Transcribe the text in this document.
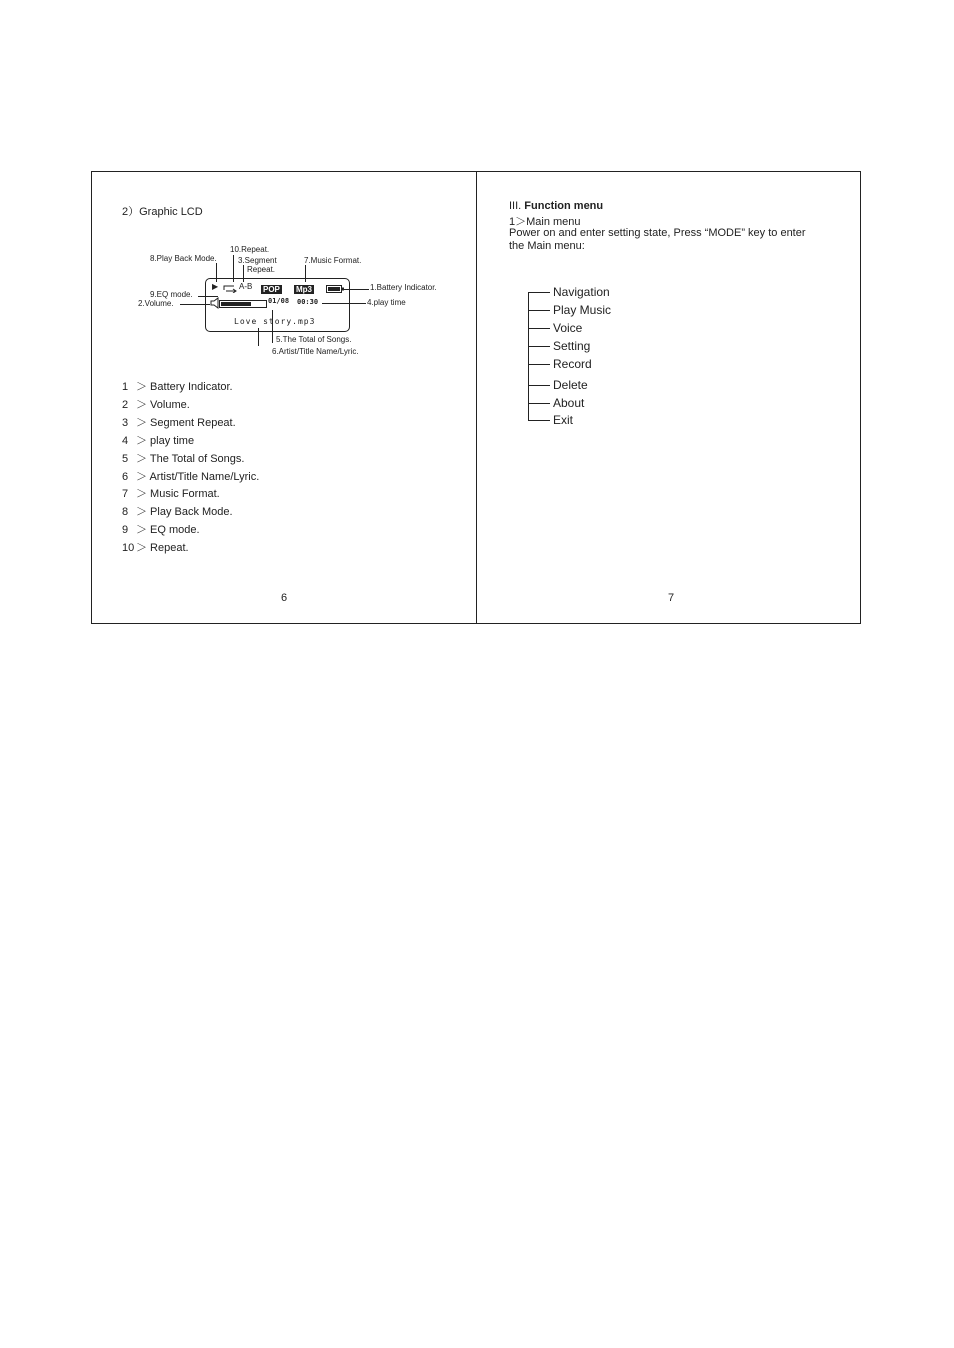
2）Graphic LCD
10.Repeat.
3.Segment
Repeat.
8.Play Back Mode.	7.Music Format.
9.EQ mode.
2.Volume.
1.Battery Indicator.
4.play time
5.The Total of Songs.
6.Artist/Title Name/Lyric.
▶	A-B POP Mp3
01/08 00:30
Love story.mp3
1 ＞ Battery Indicator.
2 ＞ Volume.
3 ＞ Segment Repeat.
4 ＞ play time
5 ＞ The Total of Songs.
6 ＞ Artist/Title Name/Lyric.
7 ＞ Music Format.
8 ＞ Play Back Mode.
9 ＞ EQ mode.
10 ＞ Repeat.
6
III. Function menu
1＞Main menu
Power on and enter setting state, Press “MODE” key to enter
the Main menu:
Navigation
Play Music
Voice
Setting
Record
Delete
About
Exit
7
